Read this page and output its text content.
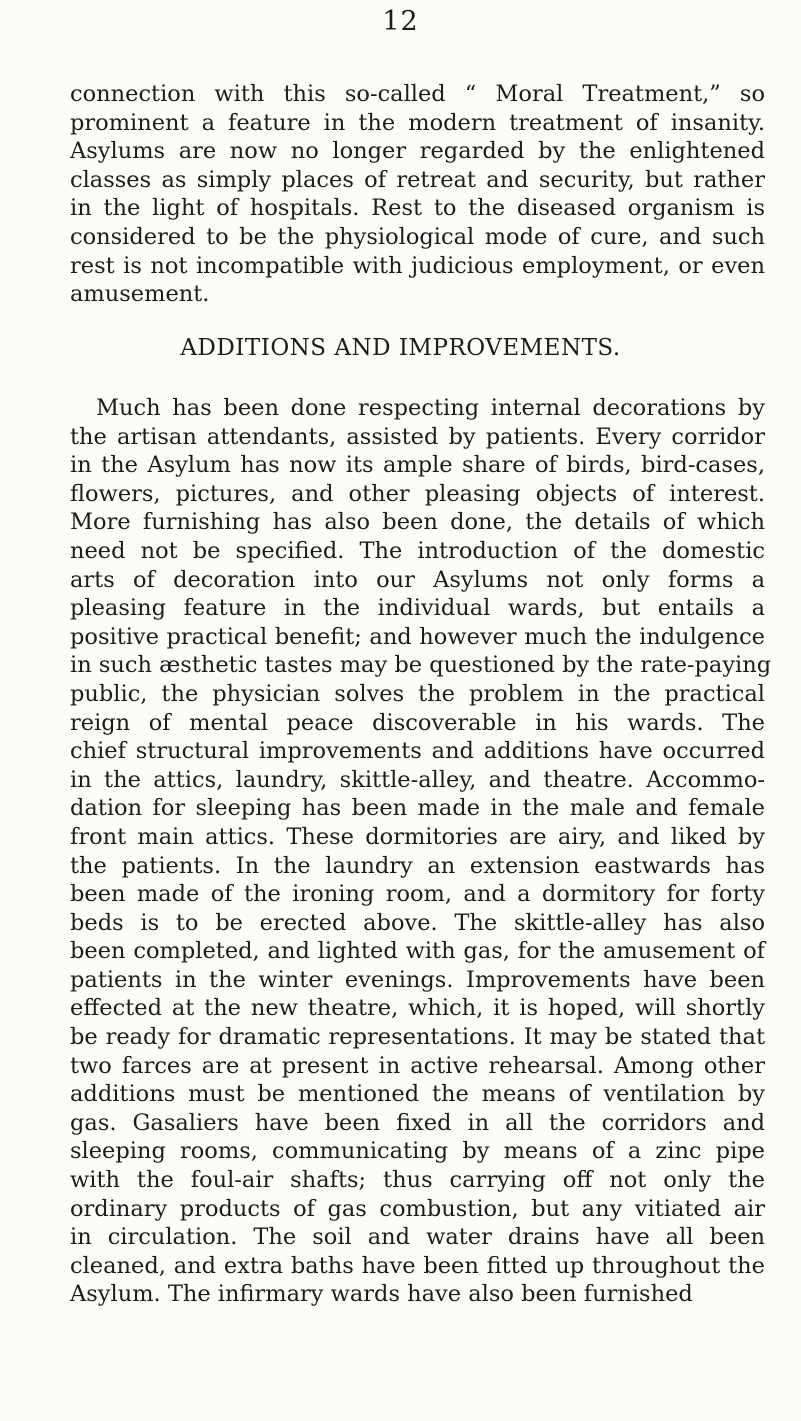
12
connection with this so-called “ Moral Treatment,” so
prominent a feature in the modern treatment of insanity.
Asylums are now no longer regarded by the enlightened
classes as simply places of retreat and security, but rather
in the light of hospitals. Rest to the diseased organism is
considered to be the physiological mode of cure, and such
rest is not incompatible with judicious employment, or even
amusement.
ADDITIONS AND IMPROVEMENTS.
Much has been done respecting internal decorations by
the artisan attendants, assisted by patients. Every corridor
in the Asylum has now its ample share of birds, bird-cases,
flowers, pictures, and other pleasing objects of interest.
More furnishing has also been done, the details of which
need not be specified. The introduction of the domestic
arts of decoration into our Asylums not only forms a
pleasing feature in the individual wards, but entails a
positive practical benefit; and however much the indulgence
in such æsthetic tastes may be questioned by the rate-paying
public, the physician solves the problem in the practical
reign of mental peace discoverable in his wards. The
chief structural improvements and additions have occurred
in the attics, laundry, skittle-alley, and theatre. Accommo-
dation for sleeping has been made in the male and female
front main attics. These dormitories are airy, and liked by
the patients. In the laundry an extension eastwards has
been made of the ironing room, and a dormitory for forty
beds is to be erected above. The skittle-alley has also
been completed, and lighted with gas, for the amusement of
patients in the winter evenings. Improvements have been
effected at the new theatre, which, it is hoped, will shortly
be ready for dramatic representations. It may be stated that
two farces are at present in active rehearsal. Among other
additions must be mentioned the means of ventilation by
gas. Gasaliers have been fixed in all the corridors and
sleeping rooms, communicating by means of a zinc pipe
with the foul-air shafts; thus carrying off not only the
ordinary products of gas combustion, but any vitiated air
in circulation. The soil and water drains have all been
cleaned, and extra baths have been fitted up throughout the
Asylum. The infirmary wards have also been furnished
